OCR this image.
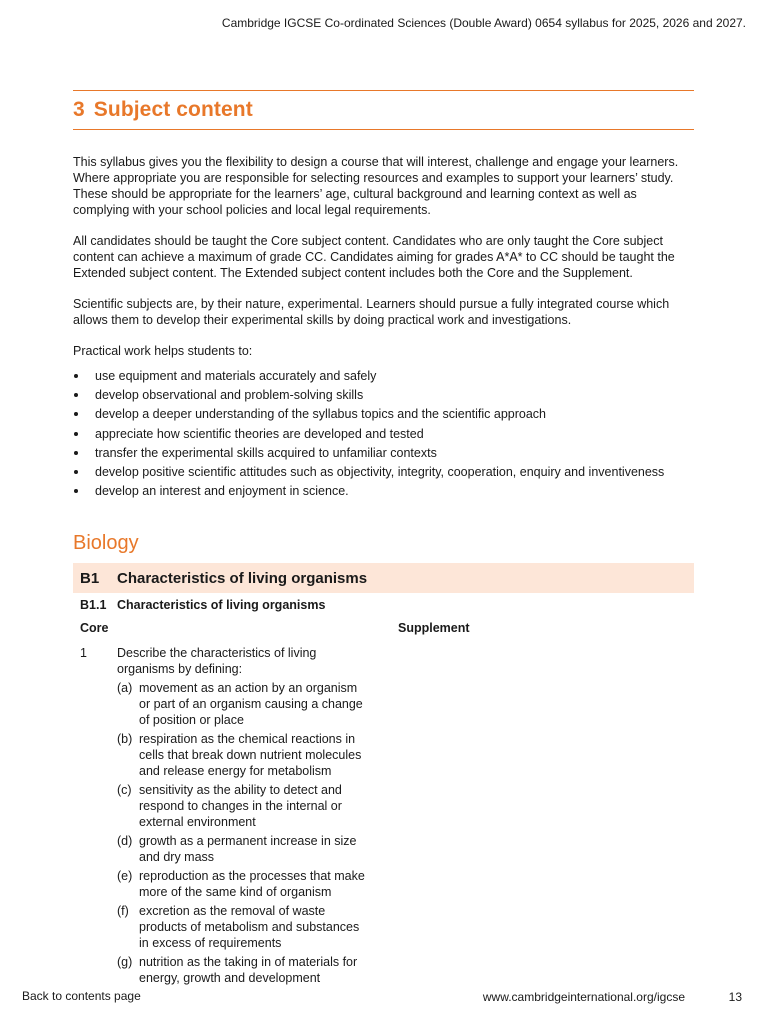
Cambridge IGCSE Co-ordinated Sciences (Double Award) 0654 syllabus for 2025, 2026 and 2027.
3 Subject content

This syllabus gives you the flexibility to design a course that will interest, challenge and engage your learners. Where appropriate you are responsible for selecting resources and examples to support your learners’ study. These should be appropriate for the learners’ age, cultural background and learning context as well as complying with your school policies and local legal requirements.

All candidates should be taught the Core subject content. Candidates who are only taught the Core subject content can achieve a maximum of grade CC. Candidates aiming for grades A*A* to CC should be taught the Extended subject content. The Extended subject content includes both the Core and the Supplement.

Scientific subjects are, by their nature, experimental. Learners should pursue a fully integrated course which allows them to develop their experimental skills by doing practical work and investigations.

Practical work helps students to:

use equipment and materials accurately and safely
develop observational and problem-solving skills
develop a deeper understanding of the syllabus topics and the scientific approach
appreciate how scientific theories are developed and tested
transfer the experimental skills acquired to unfamiliar contexts
develop positive scientific attitudes such as objectivity, integrity, cooperation, enquiry and inventiveness
develop an interest and enjoyment in science.
Biology
B1	Characteristics of living organisms
B1.1 Characteristics of living organisms
Core	Supplement
1	Describe the characteristics of living organisms by defining:
(a) movement as an action by an organism or part of an organism causing a change of position or place
(b) respiration as the chemical reactions in cells that break down nutrient molecules and release energy for metabolism
(c) sensitivity as the ability to detect and respond to changes in the internal or external environment
(d) growth as a permanent increase in size and dry mass
(e) reproduction as the processes that make more of the same kind of organism
(f) excretion as the removal of waste products of metabolism and substances in excess of requirements
(g) nutrition as the taking in of materials for energy, growth and development
Back to contents page	www.cambridgeinternational.org/igcse	13
